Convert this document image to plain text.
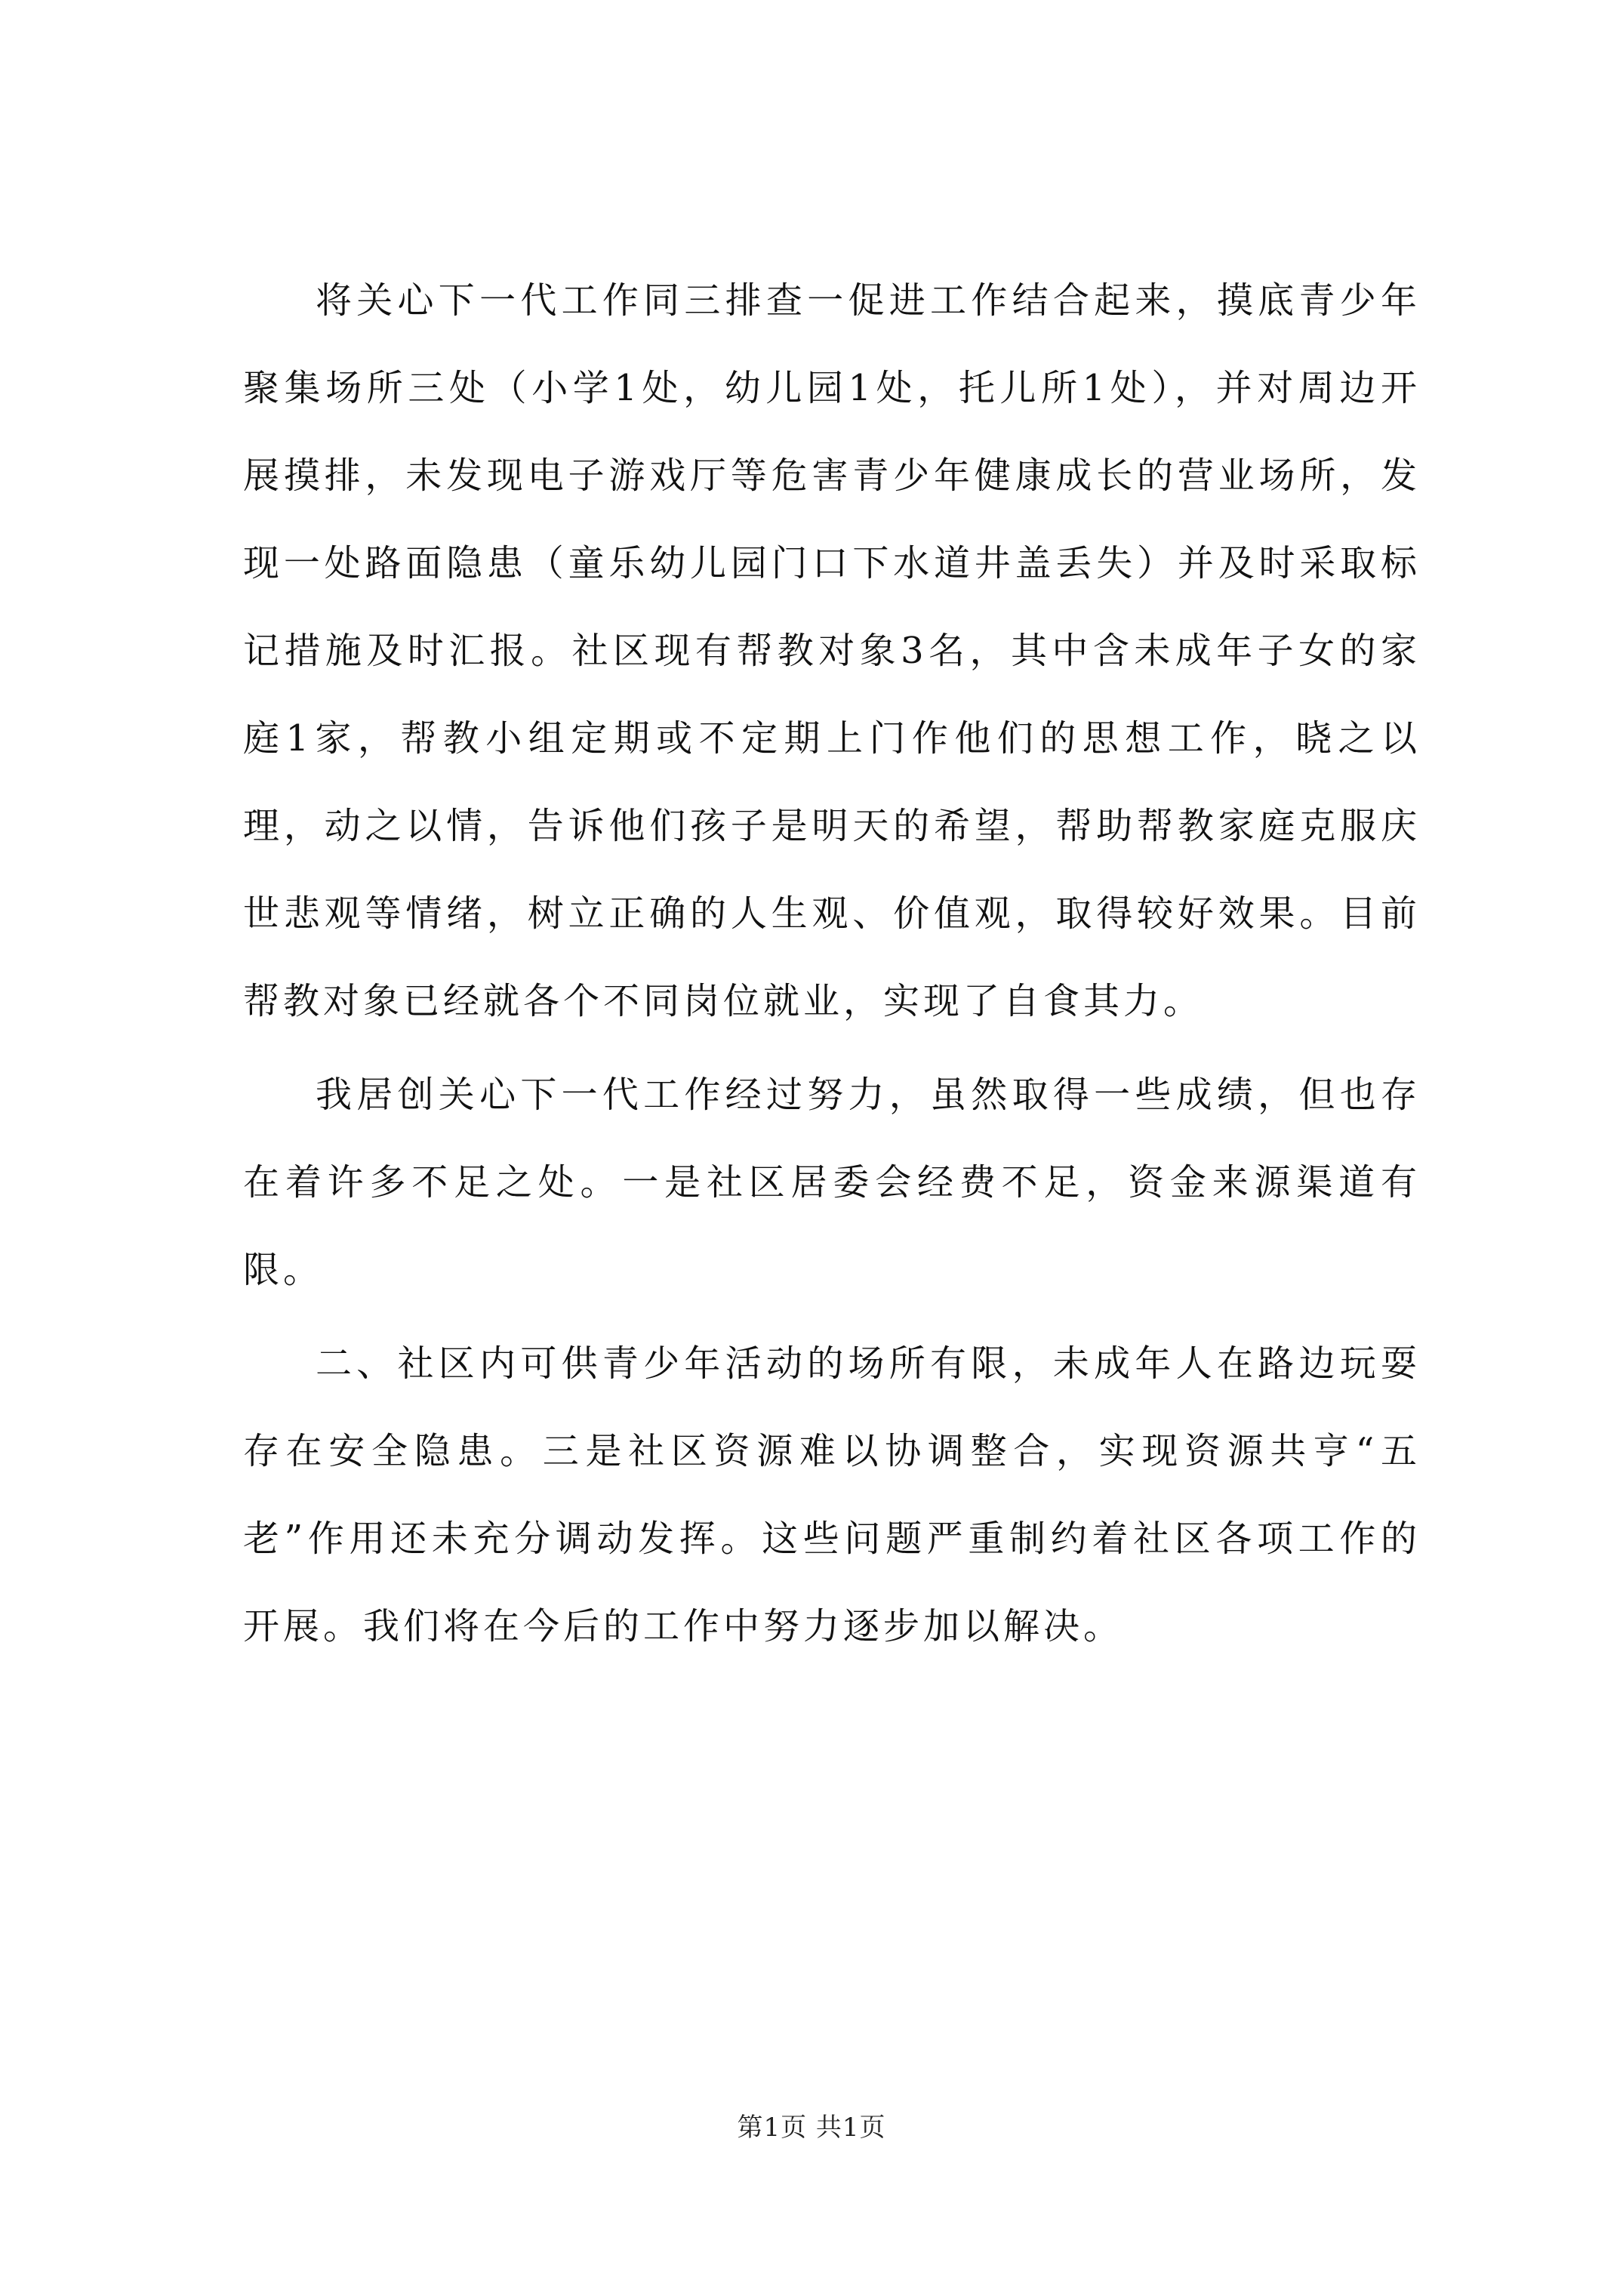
将关心下一代工作同三排查一促进工作结合起来，摸底青少年聚集场所三处（小学1处，幼儿园1处，托儿所1处），并对周边开展摸排，未发现电子游戏厅等危害青少年健康成长的营业场所，发现一处路面隐患（童乐幼儿园门口下水道井盖丢失）并及时采取标记措施及时汇报。社区现有帮教对象3名，其中含未成年子女的家庭1家，帮教小组定期或不定期上门作他们的思想工作，晓之以理，动之以情，告诉他们孩子是明天的希望，帮助帮教家庭克服庆世悲观等情绪，树立正确的人生观、价值观，取得较好效果。目前帮教对象已经就各个不同岗位就业，实现了自食其力。

我居创关心下一代工作经过努力，虽然取得一些成绩，但也存在着许多不足之处。一是社区居委会经费不足，资金来源渠道有限。

二、社区内可供青少年活动的场所有限，未成年人在路边玩耍存在安全隐患。三是社区资源难以协调整合，实现资源共亨“五老”作用还未充分调动发挥。这些问题严重制约着社区各项工作的开展。我们将在今后的工作中努力逐步加以解决。

第1页 共1页
